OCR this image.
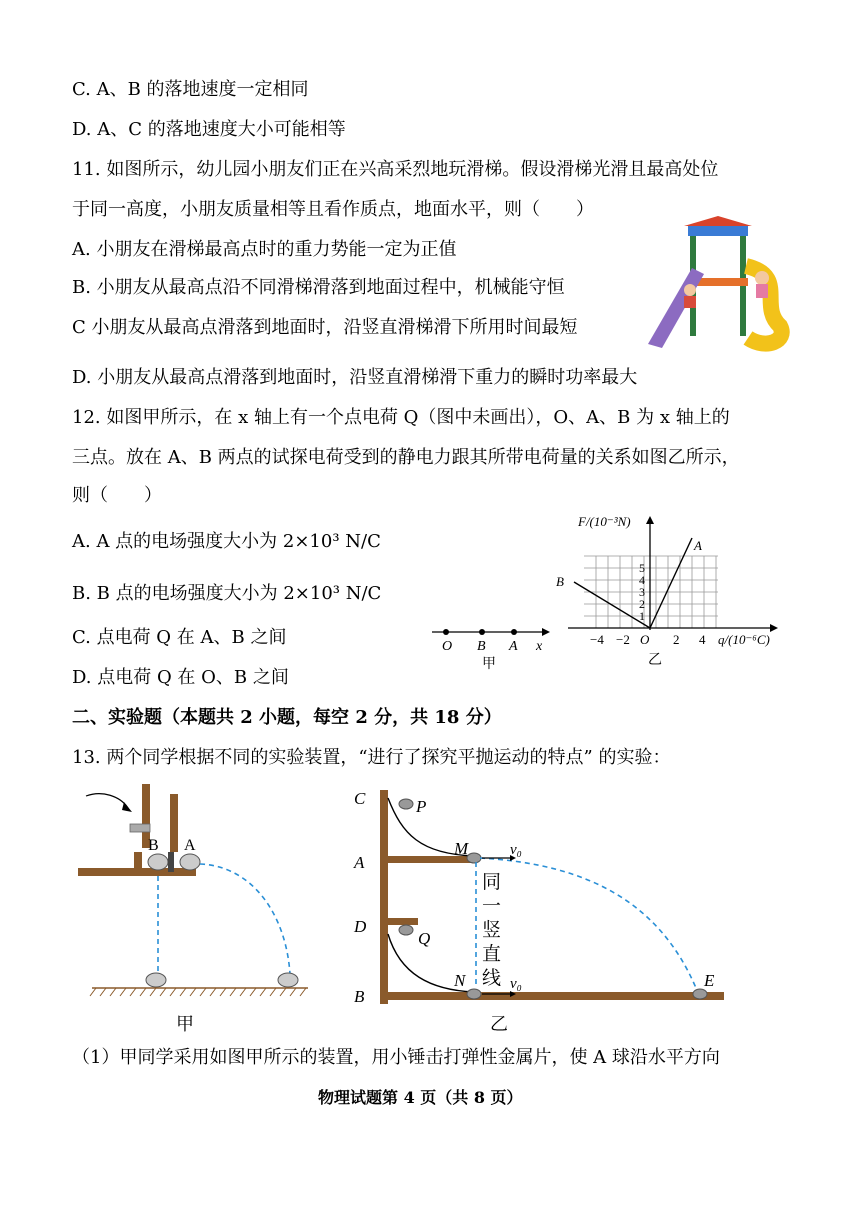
C. A、B 的落地速度一定相同
D. A、C 的落地速度大小可能相等
11. 如图所示，幼儿园小朋友们正在兴高采烈地玩滑梯。假设滑梯光滑且最高处位
于同一高度，小朋友质量相等且看作质点，地面水平，则（　　）
A. 小朋友在滑梯最高点时的重力势能一定为正值
B. 小朋友从最高点沿不同滑梯滑落到地面过程中，机械能守恒
C 小朋友从最高点滑落到地面时，沿竖直滑梯滑下所用时间最短
D. 小朋友从最高点滑落到地面时，沿竖直滑梯滑下重力的瞬时功率最大
12. 如图甲所示，在 x 轴上有一个点电荷 Q（图中未画出），O、A、B 为 x 轴上的
三点。放在 A、B 两点的试探电荷受到的静电力跟其所带电荷量的关系如图乙所示，
则（　　）
A. A 点的电场强度大小为 2×10³ N/C
B. B 点的电场强度大小为 2×10³ N/C
C. 点电荷 Q 在 A、B 之间
D. 点电荷 Q 在 O、B 之间
二、实验题（本题共 2 小题，每空 2 分，共 18 分）
13. 两个同学根据不同的实验装置，“进行了探究平抛运动的特点” 的实验：
（1）甲同学采用如图甲所示的装置，用小锤击打弹性金属片，使 A 球沿水平方向
物理试题第 4 页（共 8 页）
O B A x
甲
F/(10⁻³N)
A
B
5
4
3
2
1
−4 −2 O 2 4 q/(10⁻⁶C)
乙
B A
甲
C
A
D
B
P
M
Q
N	E
v₀
v₀
同
一
竖
直
线
乙
